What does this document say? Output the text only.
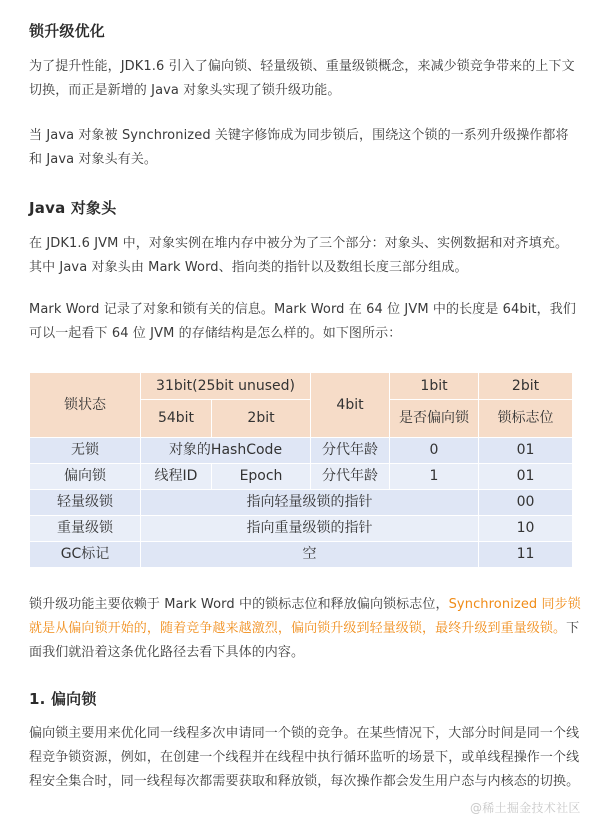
锁升级优化

为了提升性能，JDK1.6 引入了偏向锁、轻量级锁、重量级锁概念，来减少锁竞争带来的上下文切换，而正是新增的 Java 对象头实现了锁升级功能。

当 Java 对象被 Synchronized 关键字修饰成为同步锁后，围绕这个锁的一系列升级操作都将和 Java 对象头有关。

Java 对象头

在 JDK1.6 JVM 中，对象实例在堆内存中被分为了三个部分：对象头、实例数据和对齐填充。其中 Java 对象头由 Mark Word、指向类的指针以及数组长度三部分组成。

Mark Word 记录了对象和锁有关的信息。Mark Word 在 64 位 JVM 中的长度是 64bit，我们可以一起看下 64 位 JVM 的存储结构是怎么样的。如下图所示：

锁状态	31bit(25bit unused)		4bit	1bit	2bit
	54bit	2bit		是否偏向锁	锁标志位
无锁	对象的HashCode		分代年龄	0	01
偏向锁	线程ID	Epoch	分代年龄	1	01
轻量级锁	指向轻量级锁的指针				00
重量级锁	指向重量级锁的指针				10
GC标记	空				11

锁升级功能主要依赖于 Mark Word 中的锁标志位和释放偏向锁标志位，Synchronized 同步锁就是从偏向锁开始的，随着竞争越来越激烈，偏向锁升级到轻量级锁，最终升级到重量级锁。下面我们就沿着这条优化路径去看下具体的内容。

1. 偏向锁

偏向锁主要用来优化同一线程多次申请同一个锁的竞争。在某些情况下，大部分时间是同一个线程竞争锁资源，例如，在创建一个线程并在线程中执行循环监听的场景下，或单线程操作一个线程安全集合时，同一线程每次都需要获取和释放锁，每次操作都会发生用户态与内核态的切换。

@稀土掘金技术社区
